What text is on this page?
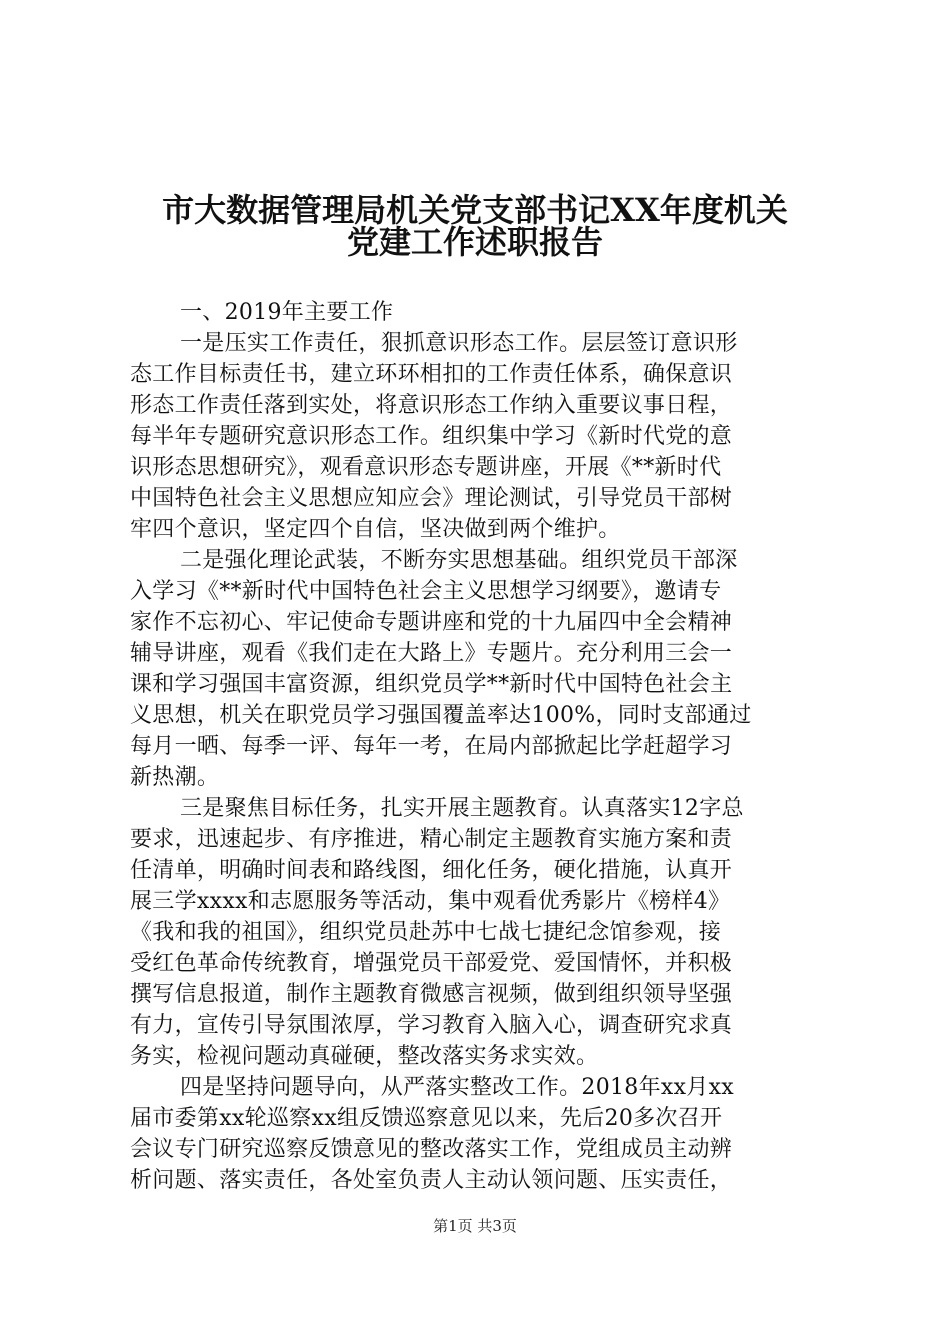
市大数据管理局机关党支部书记XX年度机关
党建工作述职报告
一、2019年主要工作
一是压实工作责任，狠抓意识形态工作。层层签订意识形
态工作目标责任书，建立环环相扣的工作责任体系，确保意识
形态工作责任落到实处，将意识形态工作纳入重要议事日程，
每半年专题研究意识形态工作。组织集中学习《新时代党的意
识形态思想研究》，观看意识形态专题讲座，开展《**新时代
中国特色社会主义思想应知应会》理论测试，引导党员干部树
牢四个意识，坚定四个自信，坚决做到两个维护。
二是强化理论武装，不断夯实思想基础。组织党员干部深
入学习《**新时代中国特色社会主义思想学习纲要》，邀请专
家作不忘初心、牢记使命专题讲座和党的十九届四中全会精神
辅导讲座，观看《我们走在大路上》专题片。充分利用三会一
课和学习强国丰富资源，组织党员学**新时代中国特色社会主
义思想，机关在职党员学习强国覆盖率达100%，同时支部通过
每月一晒、每季一评、每年一考，在局内部掀起比学赶超学习
新热潮。
三是聚焦目标任务，扎实开展主题教育。认真落实12字总
要求，迅速起步、有序推进，精心制定主题教育实施方案和责
任清单，明确时间表和路线图，细化任务，硬化措施，认真开
展三学xxxx和志愿服务等活动，集中观看优秀影片《榜样4》
《我和我的祖国》，组织党员赴苏中七战七捷纪念馆参观，接
受红色革命传统教育，增强党员干部爱党、爱国情怀，并积极
撰写信息报道，制作主题教育微感言视频，做到组织领导坚强
有力，宣传引导氛围浓厚，学习教育入脑入心，调查研究求真
务实，检视问题动真碰硬，整改落实务求实效。
四是坚持问题导向，从严落实整改工作。2018年xx月xx
届市委第xx轮巡察xx组反馈巡察意见以来，先后20多次召开
会议专门研究巡察反馈意见的整改落实工作，党组成员主动辨
析问题、落实责任，各处室负责人主动认领问题、压实责任，
第1页 共3页
